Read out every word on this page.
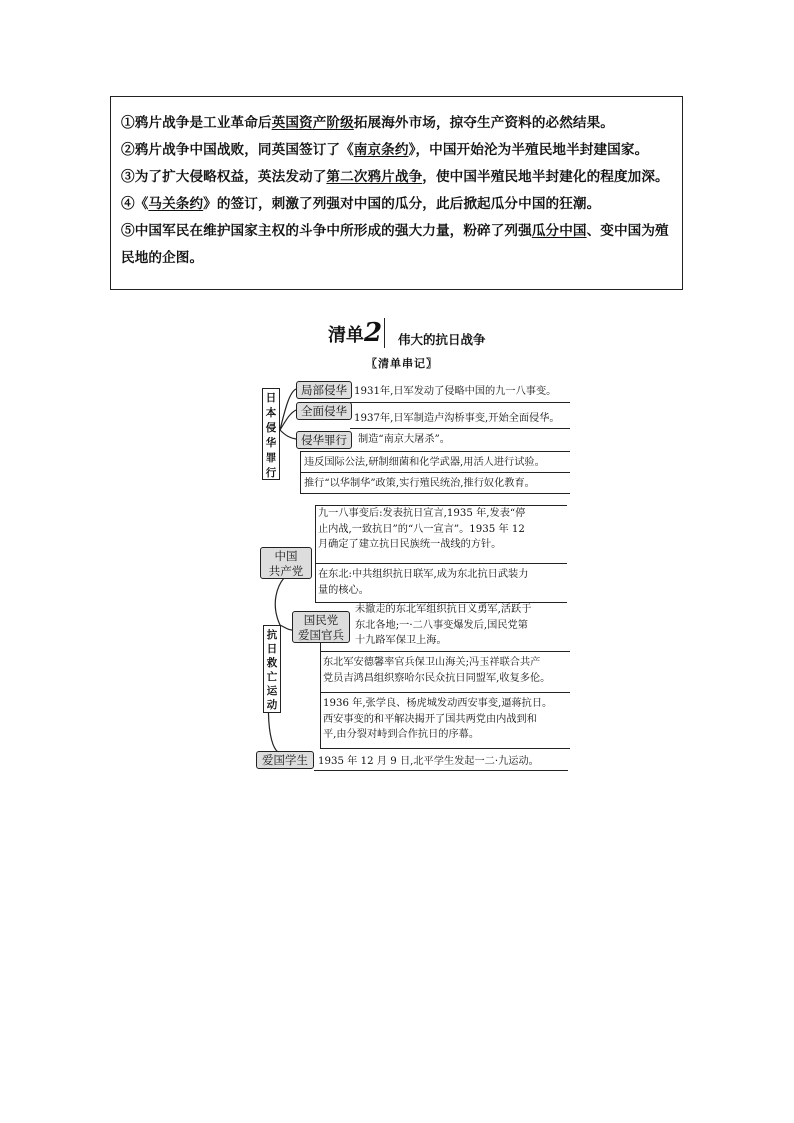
①鸦片战争是工业革命后英国资产阶级拓展海外市场，掠夺生产资料的必然结果。

②鸦片战争中国战败，同英国签订了《南京条约》，中国开始沦为半殖民地半封建国家。

③为了扩大侵略权益，英法发动了第二次鸦片战争，使中国半殖民地半封建化的程度加深。

④《马关条约》的签订，刺激了列强对中国的瓜分，此后掀起瓜分中国的狂潮。

⑤中国军民在维护国家主权的斗争中所形成的强大力量，粉碎了列强瓜分中国、变中国为殖

民地的企图。

清单2 伟大的抗日战争
〖清单串记〗
日
本
侵
华
罪
行
局部侵华
全面侵华
侵华罪行
1931年,日军发动了侵略中国的九一八事变。
1937年,日军制造卢沟桥事变,开始全面侵华。
制造“南京大屠杀”。
违反国际公法,研制细菌和化学武器,用活人进行试验。
推行“以华制华”政策,实行殖民统治,推行奴化教育。
抗
日
救
亡
运
动
中国
共产党
国民党
爱国官兵
爱国学生
九一八事变后:发表抗日宣言,1935 年,发表“停
止内战,一致抗日”的“八一宣言”。1935 年 12
月确定了建立抗日民族统一战线的方针。
在东北:中共组织抗日联军,成为东北抗日武装力
量的核心。
未撤走的东北军组织抗日义勇军,活跃于
东北各地;一·二八事变爆发后,国民党第
十九路军保卫上海。
东北军安德馨率官兵保卫山海关;冯玉祥联合共产
党员吉鸿昌组织察哈尔民众抗日同盟军,收复多伦。
1936 年,张学良、杨虎城发动西安事变,逼蒋抗日。
西安事变的和平解决揭开了国共两党由内战到和
平,由分裂对峙到合作抗日的序幕。
1935 年 12 月 9 日,北平学生发起一二·九运动。
